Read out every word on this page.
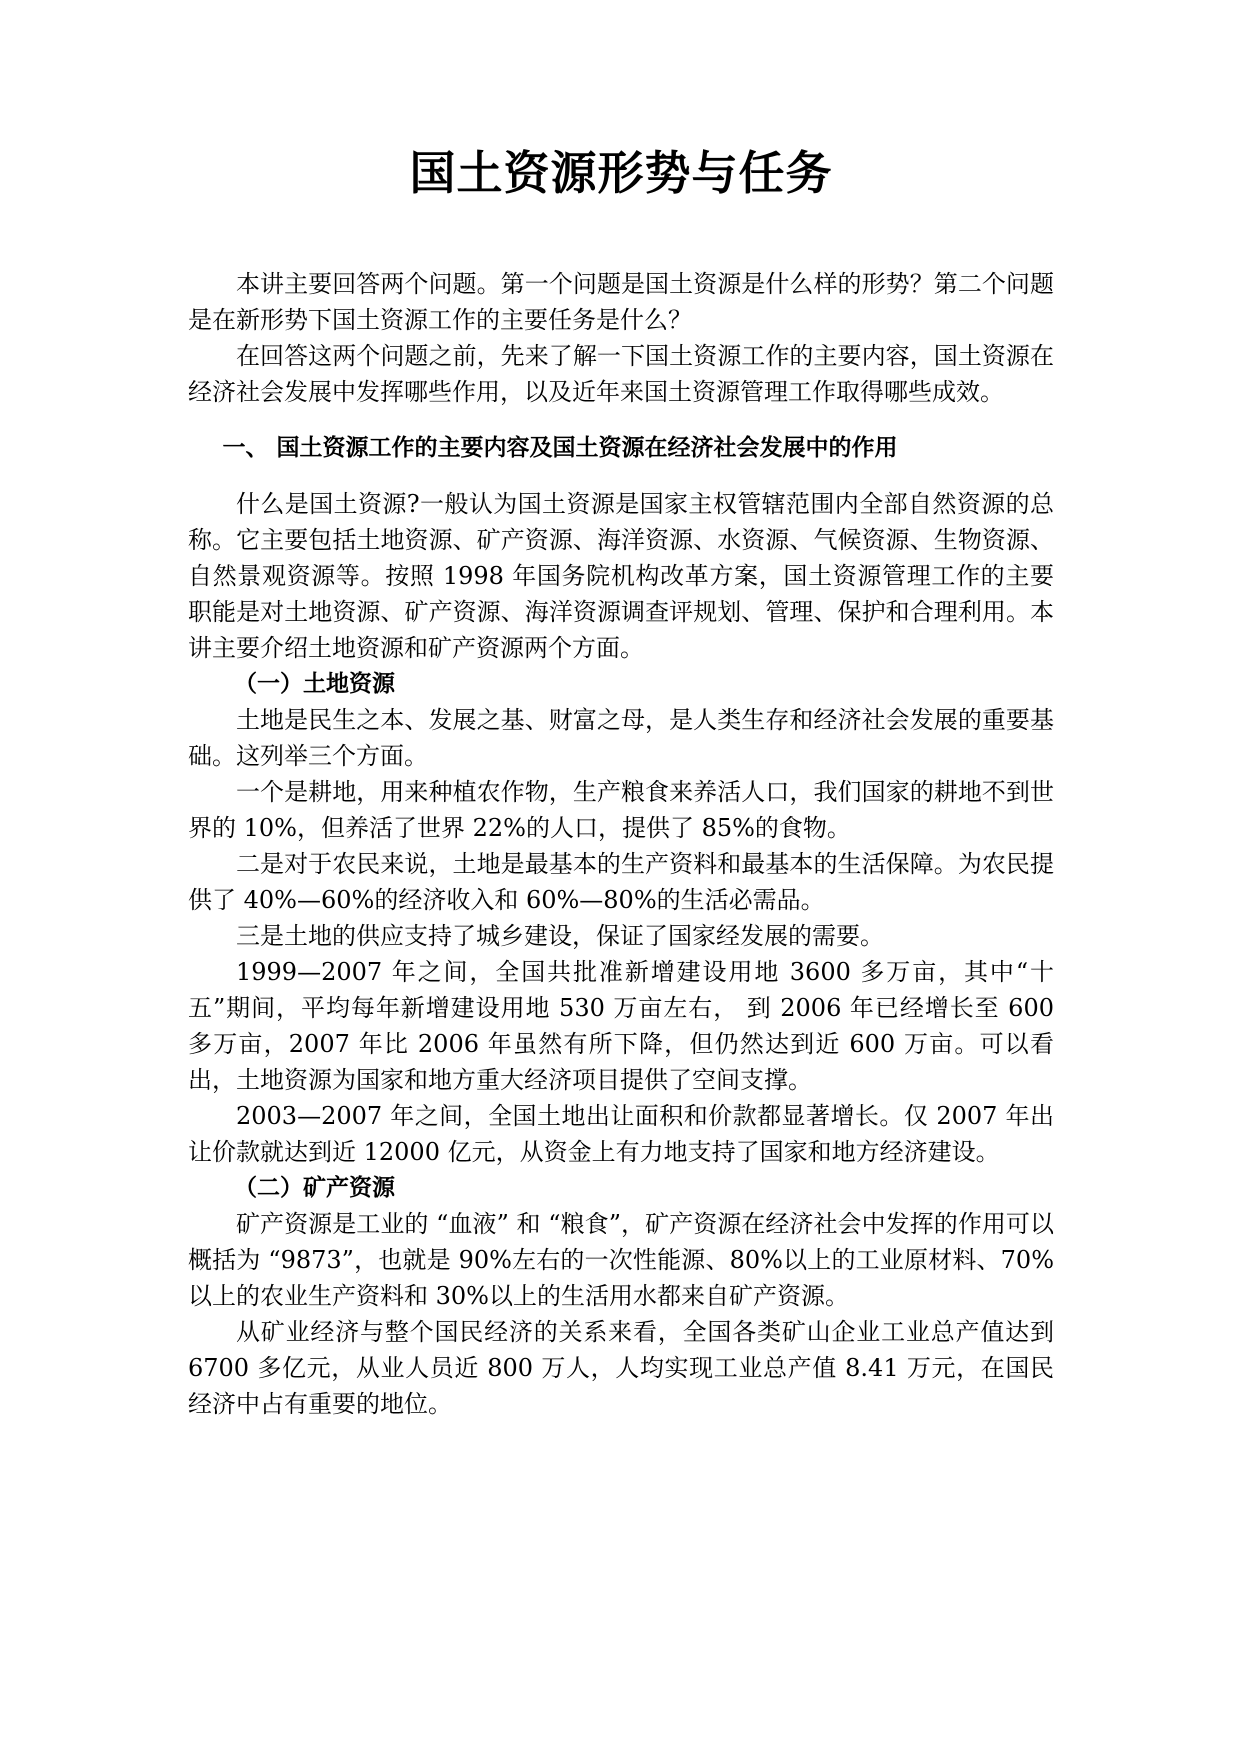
国土资源形势与任务

本讲主要回答两个问题。第一个问题是国土资源是什么样的形势？第二个问题是在新形势下国土资源工作的主要任务是什么？

在回答这两个问题之前，先来了解一下国土资源工作的主要内容，国土资源在经济社会发展中发挥哪些作用，以及近年来国土资源管理工作取得哪些成效。

一、 国土资源工作的主要内容及国土资源在经济社会发展中的作用

什么是国土资源?一般认为国土资源是国家主权管辖范围内全部自然资源的总称。它主要包括土地资源、矿产资源、海洋资源、水资源、气候资源、生物资源、自然景观资源等。按照 1998 年国务院机构改革方案，国土资源管理工作的主要职能是对土地资源、矿产资源、海洋资源调查评规划、管理、保护和合理利用。本讲主要介绍土地资源和矿产资源两个方面。

（一）土地资源

土地是民生之本、发展之基、财富之母，是人类生存和经济社会发展的重要基础。这列举三个方面。

一个是耕地，用来种植农作物，生产粮食来养活人口，我们国家的耕地不到世界的 10%，但养活了世界 22%的人口，提供了 85%的食物。

二是对于农民来说，土地是最基本的生产资料和最基本的生活保障。为农民提供了 40%—60%的经济收入和 60%—80%的生活必需品。

三是土地的供应支持了城乡建设，保证了国家经发展的需要。

1999—2007 年之间，全国共批准新增建设用地 3600 多万亩，其中“十五”期间，平均每年新增建设用地 530 万亩左右， 到 2006 年已经增长至 600 多万亩，2007 年比 2006 年虽然有所下降，但仍然达到近 600 万亩。可以看出，土地资源为国家和地方重大经济项目提供了空间支撑。

2003—2007 年之间，全国土地出让面积和价款都显著增长。仅 2007 年出让价款就达到近 12000 亿元，从资金上有力地支持了国家和地方经济建设。

（二）矿产资源

矿产资源是工业的 “血液” 和 “粮食”，矿产资源在经济社会中发挥的作用可以概括为 “9873”，也就是 90%左右的一次性能源、80%以上的工业原材料、70%以上的农业生产资料和 30%以上的生活用水都来自矿产资源。

从矿业经济与整个国民经济的关系来看，全国各类矿山企业工业总产值达到 6700 多亿元，从业人员近 800 万人，人均实现工业总产值 8.41 万元，在国民经济中占有重要的地位。
